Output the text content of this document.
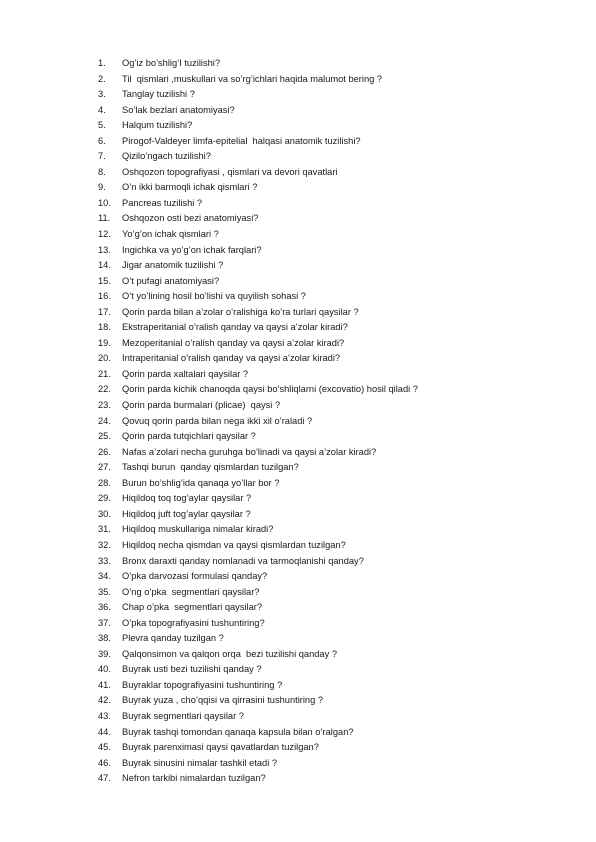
1.	Og’iz bo’shlig’I tuzilishi?
2.	Til  qismlari ,muskullari va so’rg’ichlari haqida malumot bering ?
3.	Tanglay tuzilishi ?
4.	So’lak bezlari anatomiyasi?
5.	Halqum tuzilishi?
6.	Pirogof-Valdeyer limfa-epitelial  halqasi anatomik tuzilishi?
7.	Qizilo’ngach tuzilishi?
8.	Oshqozon topografiyasi , qismlari va devori qavatlari
9.	O’n ikki barmoqli ichak qismlari ?
10.	Pancreas tuzilishi ?
11.	Oshqozon osti bezi anatomiyasi?
12.	Yo’g’on ichak qismlari ?
13.	Ingichka va yo’g’on ichak farqlari?
14.	Jigar anatomik tuzilishi ?
15.	O’t pufagi anatomiyasi?
16.	O’t yo’lining hosil bo’lishi va quyilish sohasi ?
17.	Qorin parda bilan a’zolar o’ralishiga ko’ra turlari qaysilar ?
18.	Ekstraperitanial o’ralish qanday va qaysi a’zolar kiradi?
19.	Mezoperitanial o’ralish qanday va qaysi a’zolar kiradi?
20.	Intraperitanial o’ralish qanday va qaysi a’zolar kiradi?
21.	Qorin parda xaltalari qaysilar ?
22.	Qorin parda kichik chanoqda qaysi bo’shliqlarni (excovatio) hosil qiladi ?
23.	Qorin parda burmalari (plicae)  qaysi ?
24.	Qovuq qorin parda bilan nega ikki xil o’raladi ?
25.	Qorin parda tutqichlari qaysilar ?
26.	Nafas a’zolari necha guruhga bo’linadi va qaysi a’zolar kiradi?
27.	Tashqi burun  qanday qismlardan tuzilgan?
28.	Burun bo’shlig’ida qanaqa yo’llar bor ?
29.	Hiqildoq toq tog’aylar qaysilar ?
30.	Hiqildoq juft tog’aylar qaysilar ?
31.	Hiqildoq muskullariga nimalar kiradi?
32.	Hiqildoq necha qismdan va qaysi qismlardan tuzilgan?
33.	Bronx daraxti qanday nomlanadi va tarmoqlanishi qanday?
34.	O’pka darvozasi formulasi qanday?
35.	O’ng o’pka  segmentlari qaysilar?
36.	Chap o’pka  segmentlari qaysilar?
37.	O’pka topografiyasini tushuntiring?
38.	Plevra qanday tuzilgan ?
39.	Qalqonsimon va qalqon orqa  bezi tuzilishi qanday ?
40.	Buyrak usti bezi tuzilishi qanday ?
41.	Buyraklar topografiyasini tushuntiring ?
42.	Buyrak yuza , cho’qqisi va qirrasini tushuntiring ?
43.	Buyrak segmentlari qaysilar ?
44.	Buyrak tashqi tomondan qanaqa kapsula bilan o’ralgan?
45.	Buyrak parenximasi qaysi qavatlardan tuzilgan?
46.	Buyrak sinusini nimalar tashkil etadi ?
47.	Nefron tarkibi nimalardan tuzilgan?
